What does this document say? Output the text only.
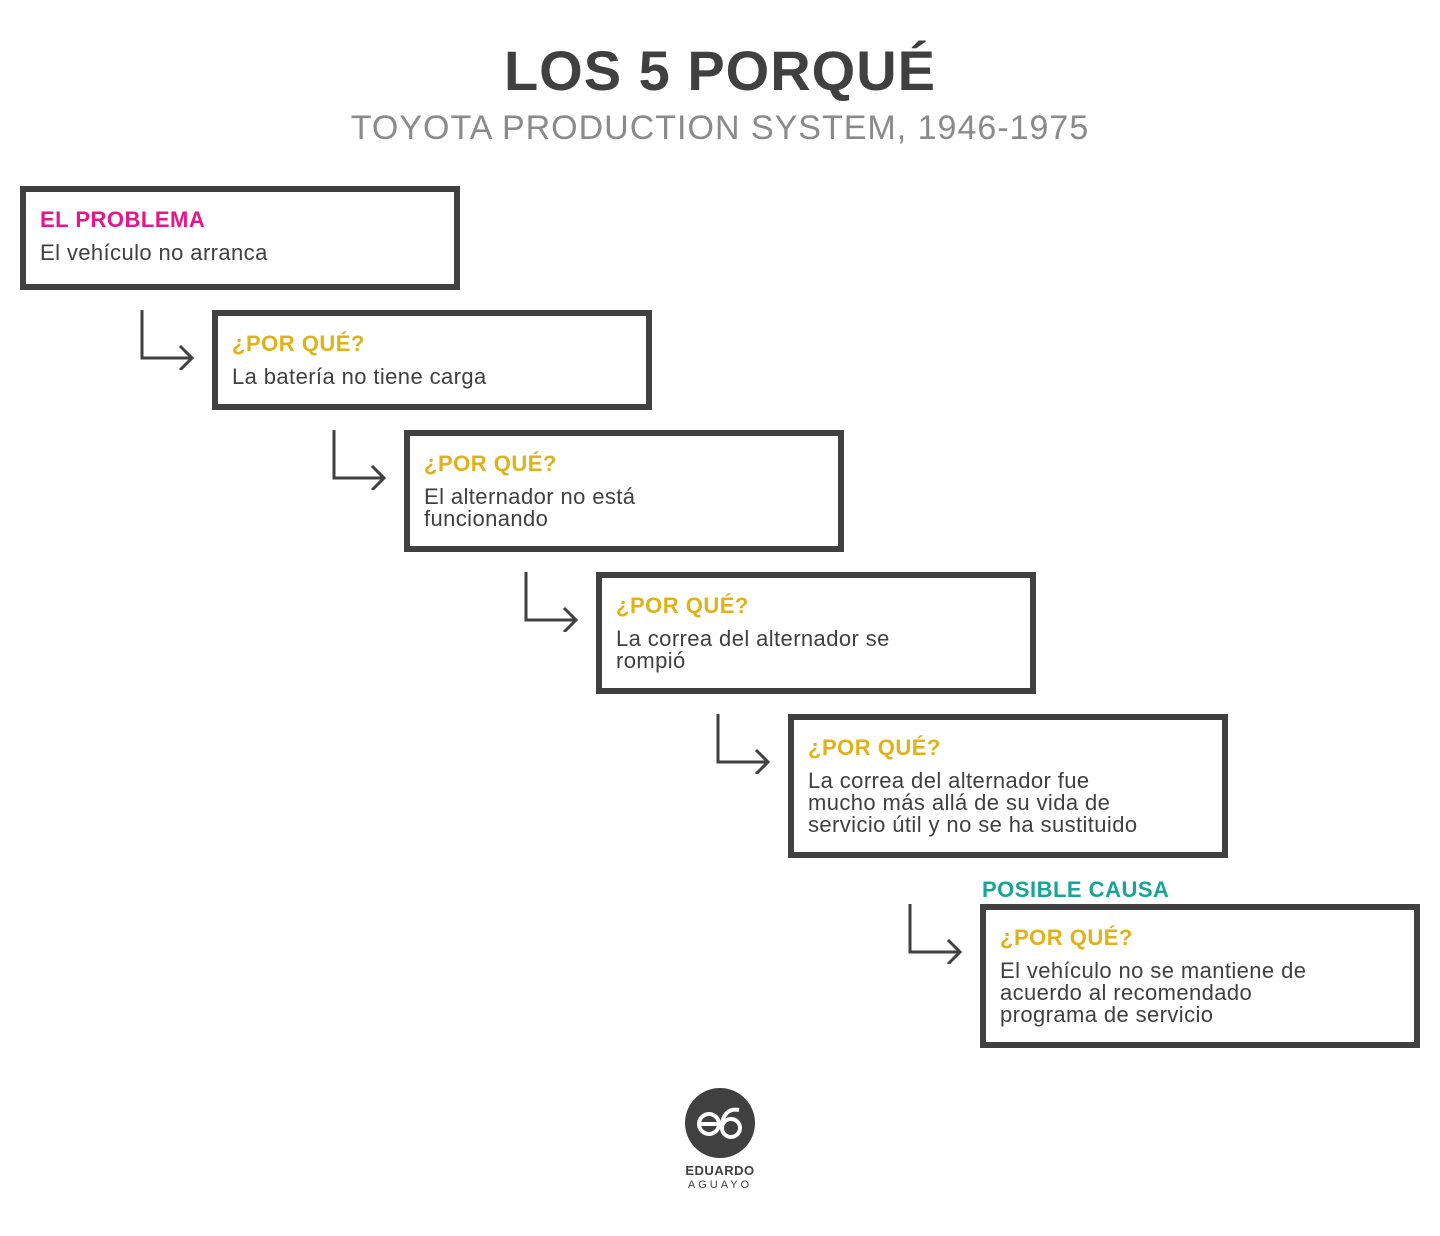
LOS 5 PORQUÉ
TOYOTA PRODUCTION SYSTEM, 1946-1975
EL PROBLEMA
El vehículo no arranca
¿POR QUÉ?
La batería no tiene carga
¿POR QUÉ?
El alternador no está
funcionando
¿POR QUÉ?
La correa del alternador se
rompió
¿POR QUÉ?
La correa del alternador fue
mucho más allá de su vida de
servicio útil y no se ha sustituido
POSIBLE CAUSA
¿POR QUÉ?
El vehículo no se mantiene de
acuerdo al recomendado
programa de servicio
EDUARDO
AGUAYO
